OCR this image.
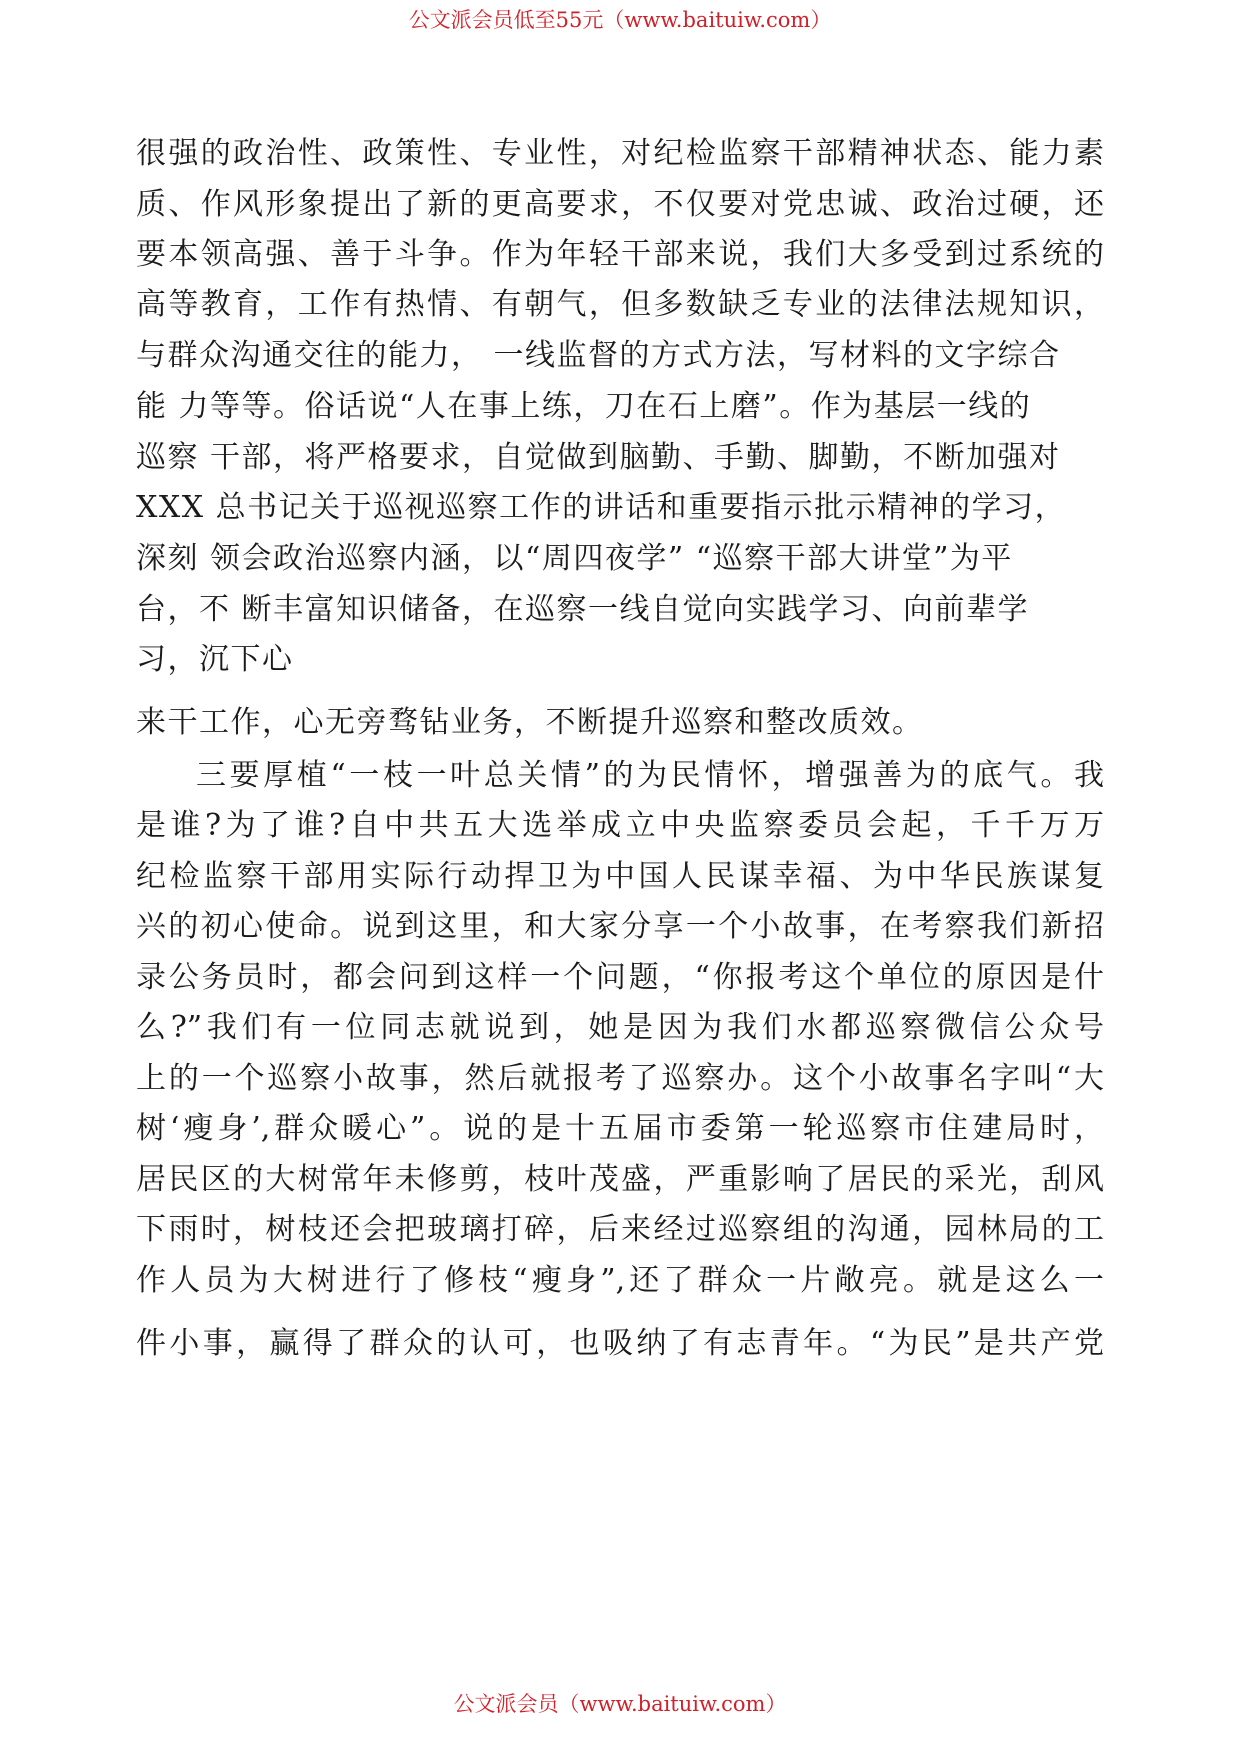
公文派会员低至55元（www.baituiw.com）
很强的政治性、政策性、专业性，对纪检监察干部精神状态、能力素
质、作风形象提出了新的更高要求，不仅要对党忠诚、政治过硬，还
要本领高强、善于斗争。作为年轻干部来说，我们大多受到过系统的
高等教育，工作有热情、有朝气，但多数缺乏专业的法律法规知识，
与群众沟通交往的能力， 一线监督的方式方法，写材料的文字综合
能 力等等。俗话说“人在事上练，刀在石上磨”。作为基层一线的
巡察 干部，将严格要求，自觉做到脑勤、手勤、脚勤，不断加强对
XXX 总书记关于巡视巡察工作的讲话和重要指示批示精神的学习，
深刻 领会政治巡察内涵，以“周四夜学” “巡察干部大讲堂”为平
台，不 断丰富知识储备，在巡察一线自觉向实践学习、向前辈学
习，沉下心
来干工作，心无旁骛钻业务，不断提升巡察和整改质效。
三要厚植“一枝一叶总关情”的为民情怀，增强善为的底气。我
是谁?为了谁?自中共五大选举成立中央监察委员会起，千千万万
纪检监察干部用实际行动捍卫为中国人民谋幸福、为中华民族谋复
兴的初心使命。说到这里，和大家分享一个小故事，在考察我们新招
录公务员时，都会问到这样一个问题，“你报考这个单位的原因是什
么?”我们有一位同志就说到，她是因为我们水都巡察微信公众号
上的一个巡察小故事，然后就报考了巡察办。这个小故事名字叫“大
树‘瘦身’,群众暖心”。说的是十五届市委第一轮巡察市住建局时，
居民区的大树常年未修剪，枝叶茂盛，严重影响了居民的采光，刮风
下雨时，树枝还会把玻璃打碎，后来经过巡察组的沟通，园林局的工
作人员为大树进行了修枝“瘦身”,还了群众一片敞亮。就是这么一
件小事，赢得了群众的认可，也吸纳了有志青年。“为民”是共产党
公文派会员（www.baituiw.com）
